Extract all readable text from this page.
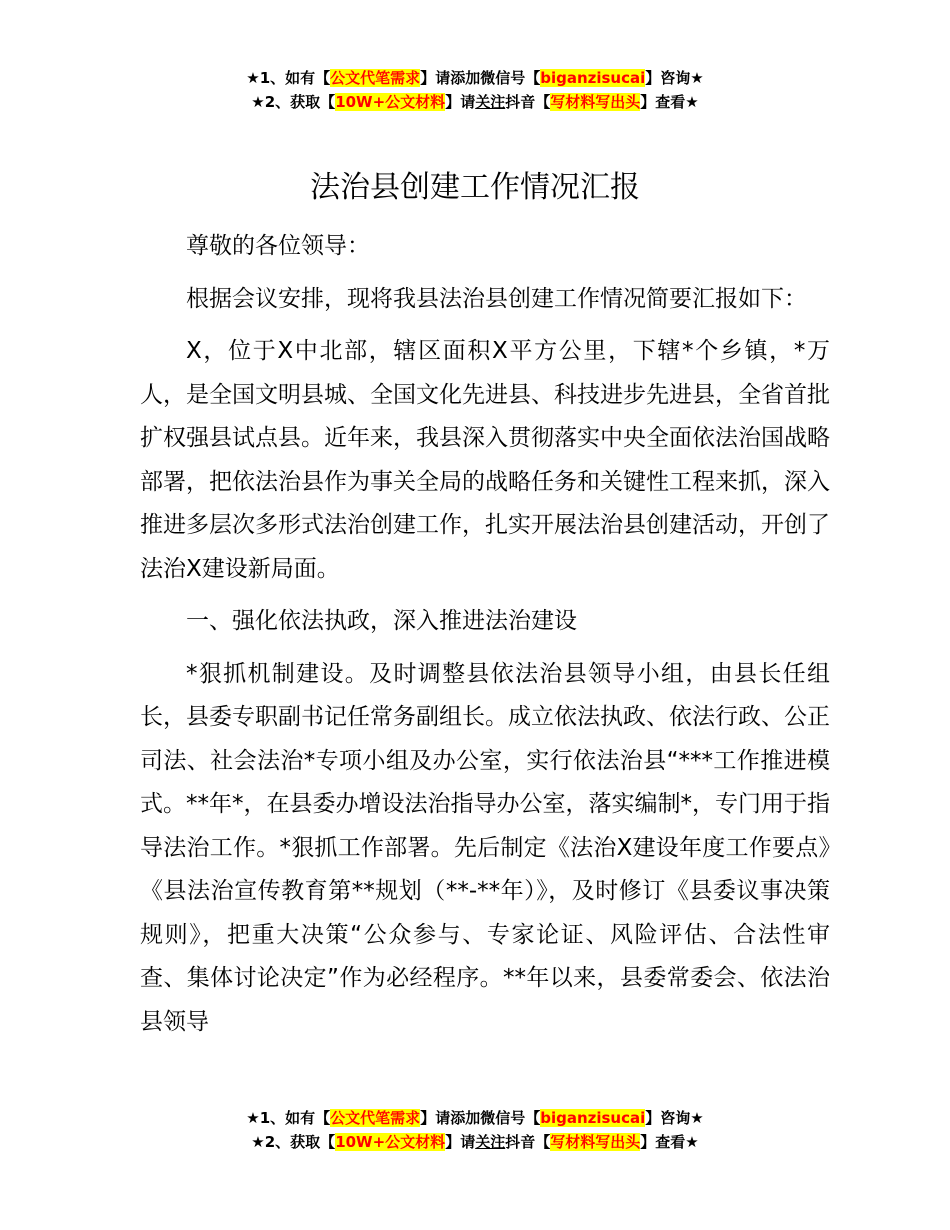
★1、如有【公文代笔需求】请添加微信号【biganzisucai】咨询★
★2、获取【10W+公文材料】请关注抖音【写材料写出头】查看★
法治县创建工作情况汇报

尊敬的各位领导：

根据会议安排，现将我县法治县创建工作情况简要汇报如下：

X，位于X中北部，辖区面积X平方公里，下辖*个乡镇，*万人，是全国文明县城、全国文化先进县、科技进步先进县，全省首批扩权强县试点县。近年来，我县深入贯彻落实中央全面依法治国战略部署，把依法治县作为事关全局的战略任务和关键性工程来抓，深入推进多层次多形式法治创建工作，扎实开展法治县创建活动，开创了法治X建设新局面。

一、强化依法执政，深入推进法治建设

*狠抓机制建设。及时调整县依法治县领导小组，由县长任组长，县委专职副书记任常务副组长。成立依法执政、依法行政、公正司法、社会法治*专项小组及办公室，实行依法治县“***工作推进模式。**年*，在县委办增设法治指导办公室，落实编制*，专门用于指导法治工作。*狠抓工作部署。先后制定《法治X建设年度工作要点》《县法治宣传教育第**规划（**-**年）》，及时修订《县委议事决策规则》，把重大决策“公众参与、专家论证、风险评估、合法性审查、集体讨论决定”作为必经程序。**年以来，县委常委会、依法治县领导

★1、如有【公文代笔需求】请添加微信号【biganzisucai】咨询★
★2、获取【10W+公文材料】请关注抖音【写材料写出头】查看★
